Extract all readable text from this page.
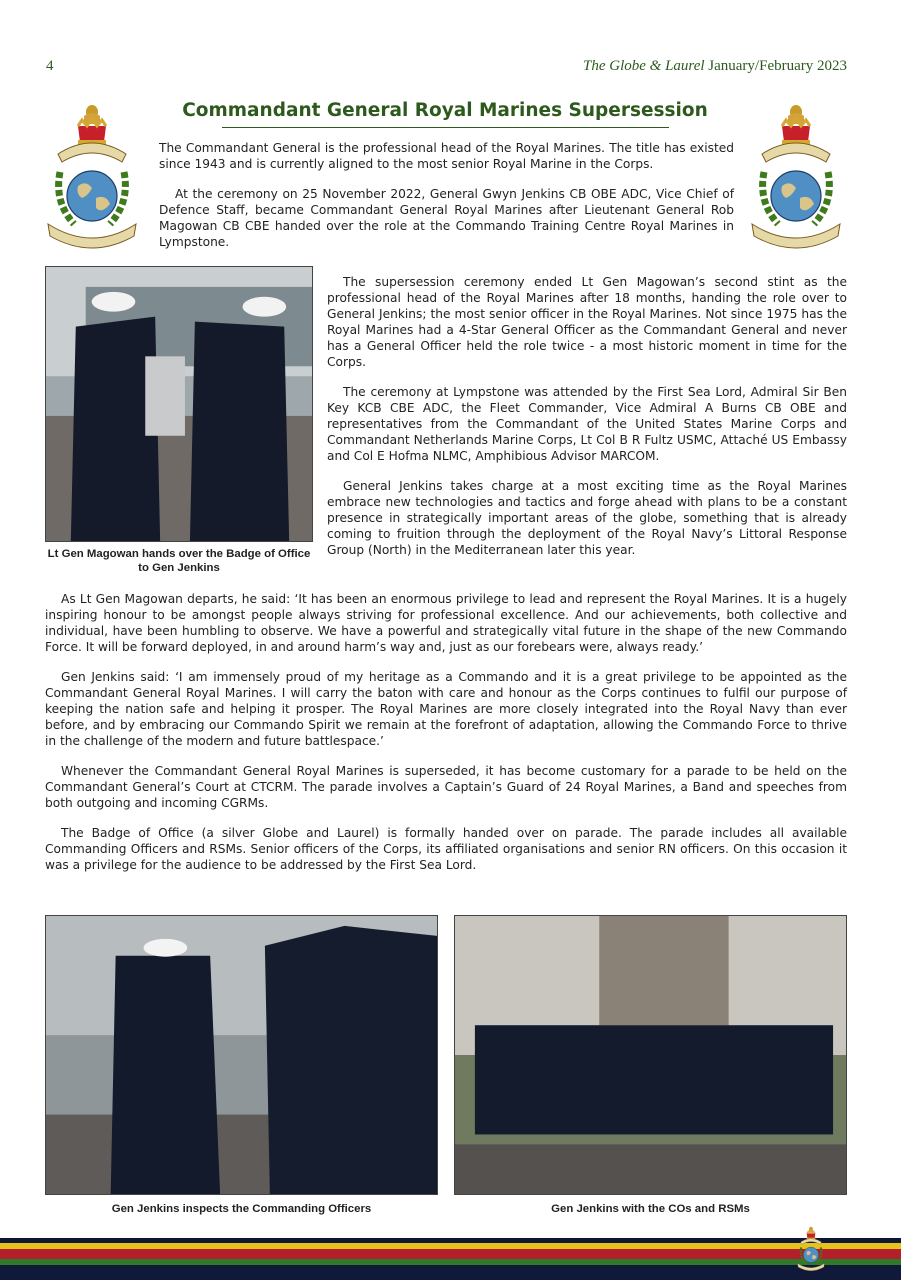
4	The Globe & Laurel January/February 2023
Commandant General Royal Marines Supersession

The Commandant General is the professional head of the Royal Marines. The title has existed since 1943 and is currently aligned to the most senior Royal Marine in the Corps.

At the ceremony on 25 November 2022, General Gwyn Jenkins CB OBE ADC, Vice Chief of Defence Staff, became Commandant General Royal Marines after Lieutenant General Rob Magowan CB CBE handed over the role at the Commando Training Centre Royal Marines in Lympstone.

Lt Gen Magowan hands over the Badge of Office to Gen Jenkins

The supersession ceremony ended Lt Gen Magowan’s second stint as the professional head of the Royal Marines after 18 months, handing the role over to General Jenkins; the most senior officer in the Royal Marines. Not since 1975 has the Royal Marines had a 4-Star General Officer as the Commandant General and never has a General Officer held the role twice - a most historic moment in time for the Corps.

The ceremony at Lympstone was attended by the First Sea Lord, Admiral Sir Ben Key KCB CBE ADC, the Fleet Commander, Vice Admiral A Burns CB OBE and representatives from the Commandant of the United States Marine Corps and Commandant Netherlands Marine Corps, Lt Col B R Fultz USMC, Attaché US Embassy and Col E Hofma NLMC, Amphibious Advisor MARCOM.

General Jenkins takes charge at a most exciting time as the Royal Marines embrace new technologies and tactics and forge ahead with plans to be a constant presence in strategically important areas of the globe, something that is already coming to fruition through the deployment of the Royal Navy’s Littoral Response Group (North) in the Mediterranean later this year.

As Lt Gen Magowan departs, he said: ‘It has been an enormous privilege to lead and represent the Royal Marines. It is a hugely inspiring honour to be amongst people always striving for professional excellence. And our achievements, both collective and individual, have been humbling to observe. We have a powerful and strategically vital future in the shape of the new Commando Force. It will be forward deployed, in and around harm’s way and, just as our forebears were, always ready.’

Gen Jenkins said: ‘I am immensely proud of my heritage as a Commando and it is a great privilege to be appointed as the Commandant General Royal Marines. I will carry the baton with care and honour as the Corps continues to fulfil our purpose of keeping the nation safe and helping it prosper. The Royal Marines are more closely integrated into the Royal Navy than ever before, and by embracing our Commando Spirit we remain at the forefront of adaptation, allowing the Commando Force to thrive in the challenge of the modern and future battlespace.’

Whenever the Commandant General Royal Marines is superseded, it has become customary for a parade to be held on the Commandant General’s Court at CTCRM. The parade involves a Captain’s Guard of 24 Royal Marines, a Band and speeches from both outgoing and incoming CGRMs.

The Badge of Office (a silver Globe and Laurel) is formally handed over on parade. The parade includes all available Commanding Officers and RSMs. Senior officers of the Corps, its affiliated organisations and senior RN officers. On this occasion it was a privilege for the audience to be addressed by the First Sea Lord.

Gen Jenkins inspects the Commanding Officers	Gen Jenkins with the COs and RSMs
